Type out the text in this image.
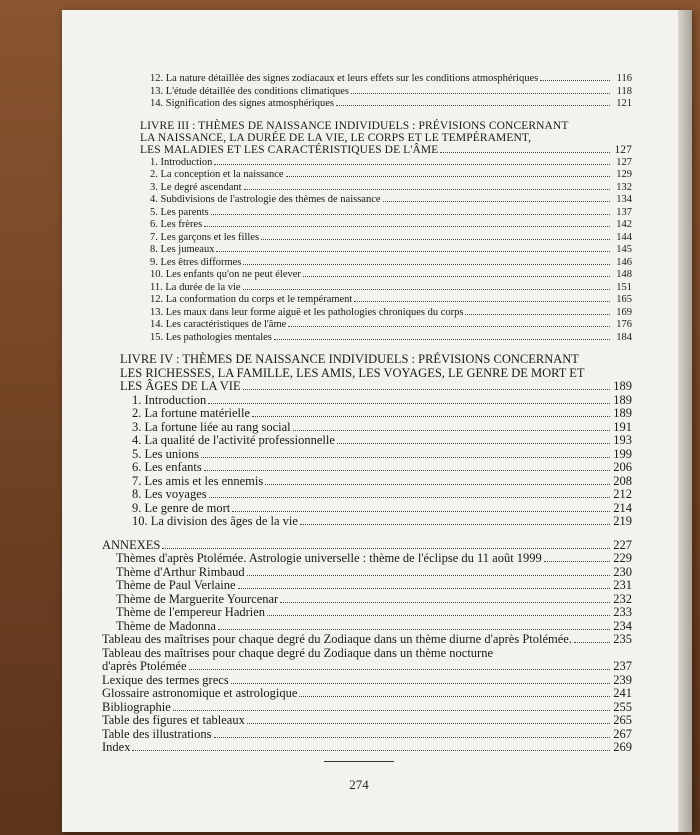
12. La nature détaillée des signes zodiacaux et leurs effets sur les conditions atmosphériques	116
13. L'étude détaillée des conditions climatiques	118
14. Signification des signes atmosphériques	121
LIVRE III : THÈMES DE NAISSANCE INDIVIDUELS : PRÉVISIONS CONCERNANT
LA NAISSANCE, LA DURÉE DE LA VIE, LE CORPS ET LE TEMPÉRAMENT,
LES MALADIES ET LES CARACTÉRISTIQUES DE L'ÂME	127
1. Introduction	127
2. La conception et la naissance	129
3. Le degré ascendant	132
4. Subdivisions de l'astrologie des thèmes de naissance	134
5. Les parents	137
6. Les frères	142
7. Les garçons et les filles	144
8. Les jumeaux	145
9. Les êtres difformes	146
10. Les enfants qu'on ne peut élever	148
11. La durée de la vie	151
12. La conformation du corps et le tempérament	165
13. Les maux dans leur forme aiguë et les pathologies chroniques du corps	169
14. Les caractéristiques de l'âme	176
15. Les pathologies mentales	184
LIVRE IV : THÈMES DE NAISSANCE INDIVIDUELS : PRÉVISIONS CONCERNANT
LES RICHESSES, LA FAMILLE, LES AMIS, LES VOYAGES, LE GENRE DE MORT ET
LES ÂGES DE LA VIE	189
1. Introduction	189
2. La fortune matérielle	189
3. La fortune liée au rang social	191
4. La qualité de l'activité professionnelle	193
5. Les unions	199
6. Les enfants	206
7. Les amis et les ennemis	208
8. Les voyages	212
9. Le genre de mort	214
10. La division des âges de la vie	219
ANNEXES	227
Thèmes d'après Ptolémée. Astrologie universelle : thème de l'éclipse du 11 août 1999	229
Thème d'Arthur Rimbaud	230
Thème de Paul Verlaine	231
Thème de Marguerite Yourcenar	232
Thème de l'empereur Hadrien	233
Thème de Madonna	234
Tableau des maîtrises pour chaque degré du Zodiaque dans un thème diurne d'après Ptolémée.	235
Tableau des maîtrises pour chaque degré du Zodiaque dans un thème nocturne
d'après Ptolémée	237
Lexique des termes grecs	239
Glossaire astronomique et astrologique	241
Bibliographie	255
Table des figures et tableaux	265
Table des illustrations	267
Index	269
274
